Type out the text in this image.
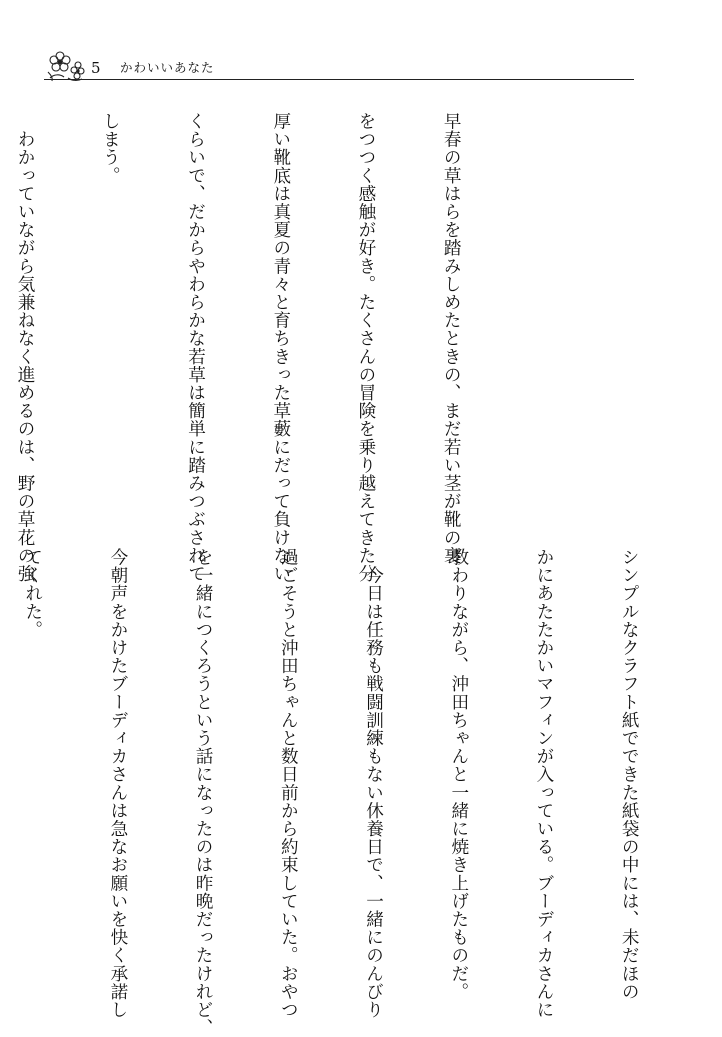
5 かわいいあなた

早春の草はらを踏みしめたときの、まだ若い茎が靴の裏

をつつく感触が好き。たくさんの冒険を乗り越えてきた分

厚い靴底は真夏の青々と育ちきった草藪にだって負けない

くらいで、だからやわらかな若草は簡単に踏みつぶされて

しまう。

　わかっていながら気兼ねなく進めるのは、野の草花の強

シンプルなクラフト紙でできた紙袋の中には、未だほの

かにあたたかいマフィンが入っている。ブーディカさんに

教わりながら、沖田ちゃんと一緒に焼き上げたものだ。

　今日は任務も戦闘訓練もない休養日で、一緒にのんびり

過ごそうと沖田ちゃんと数日前から約束していた。おやつ

を一緒につくろうという話になったのは昨晩だったけれど、

今朝声をかけたブーディカさんは急なお願いを快く承諾し

てくれた。
